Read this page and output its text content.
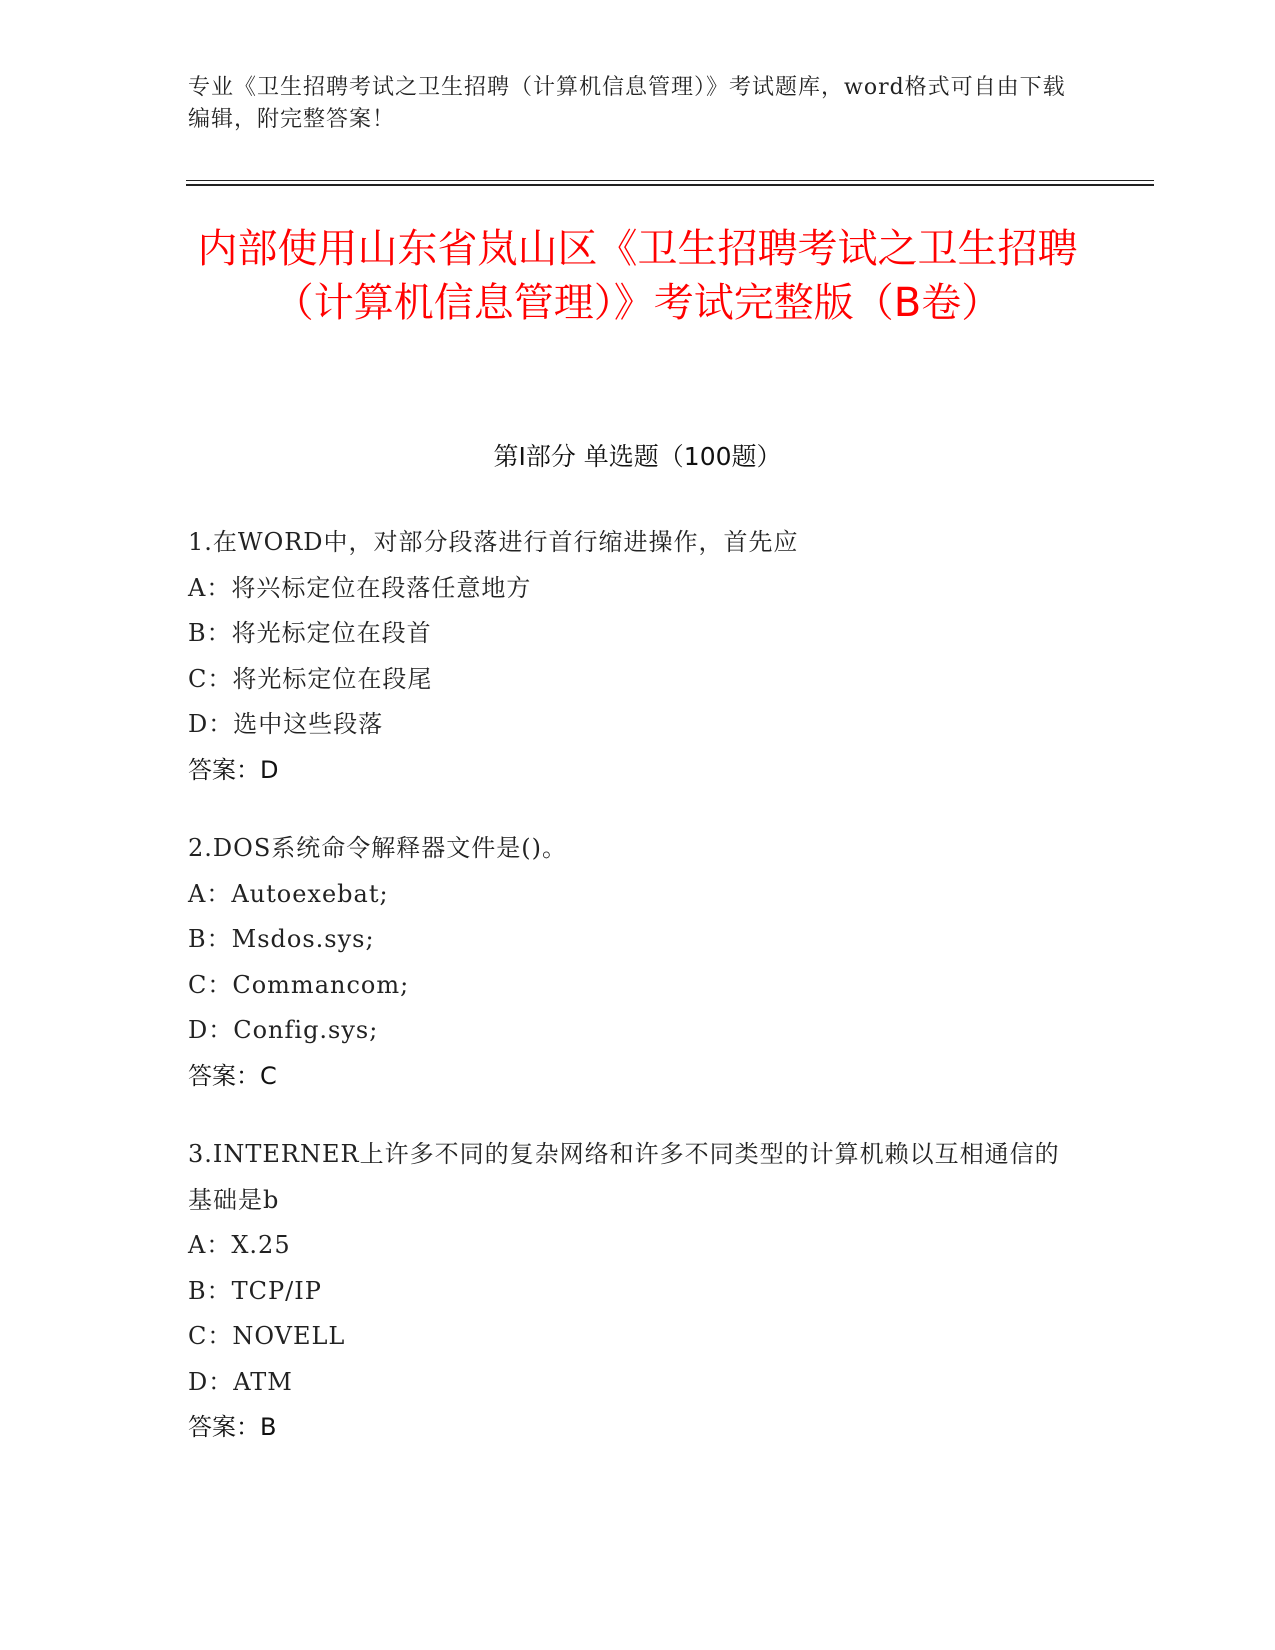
专业《卫生招聘考试之卫生招聘（计算机信息管理）》考试题库，word格式可自由下载编辑，附完整答案！
内部使用山东省岚山区《卫生招聘考试之卫生招聘（计算机信息管理）》考试完整版（B卷）
第Ⅰ部分 单选题（100题）
1.在WORD中，对部分段落进行首行缩进操作，首先应
A：将兴标定位在段落任意地方
B：将光标定位在段首
C：将光标定位在段尾
D：选中这些段落
答案：D
2.DOS系统命令解释器文件是()。
A：Autoexebat;
B：Msdos.sys;
C：Commancom;
D：Config.sys;
答案：C
3.INTERNER上许多不同的复杂网络和许多不同类型的计算机赖以互相通信的基础是b
A：X.25
B：TCP/IP
C：NOVELL
D：ATM
答案：B
